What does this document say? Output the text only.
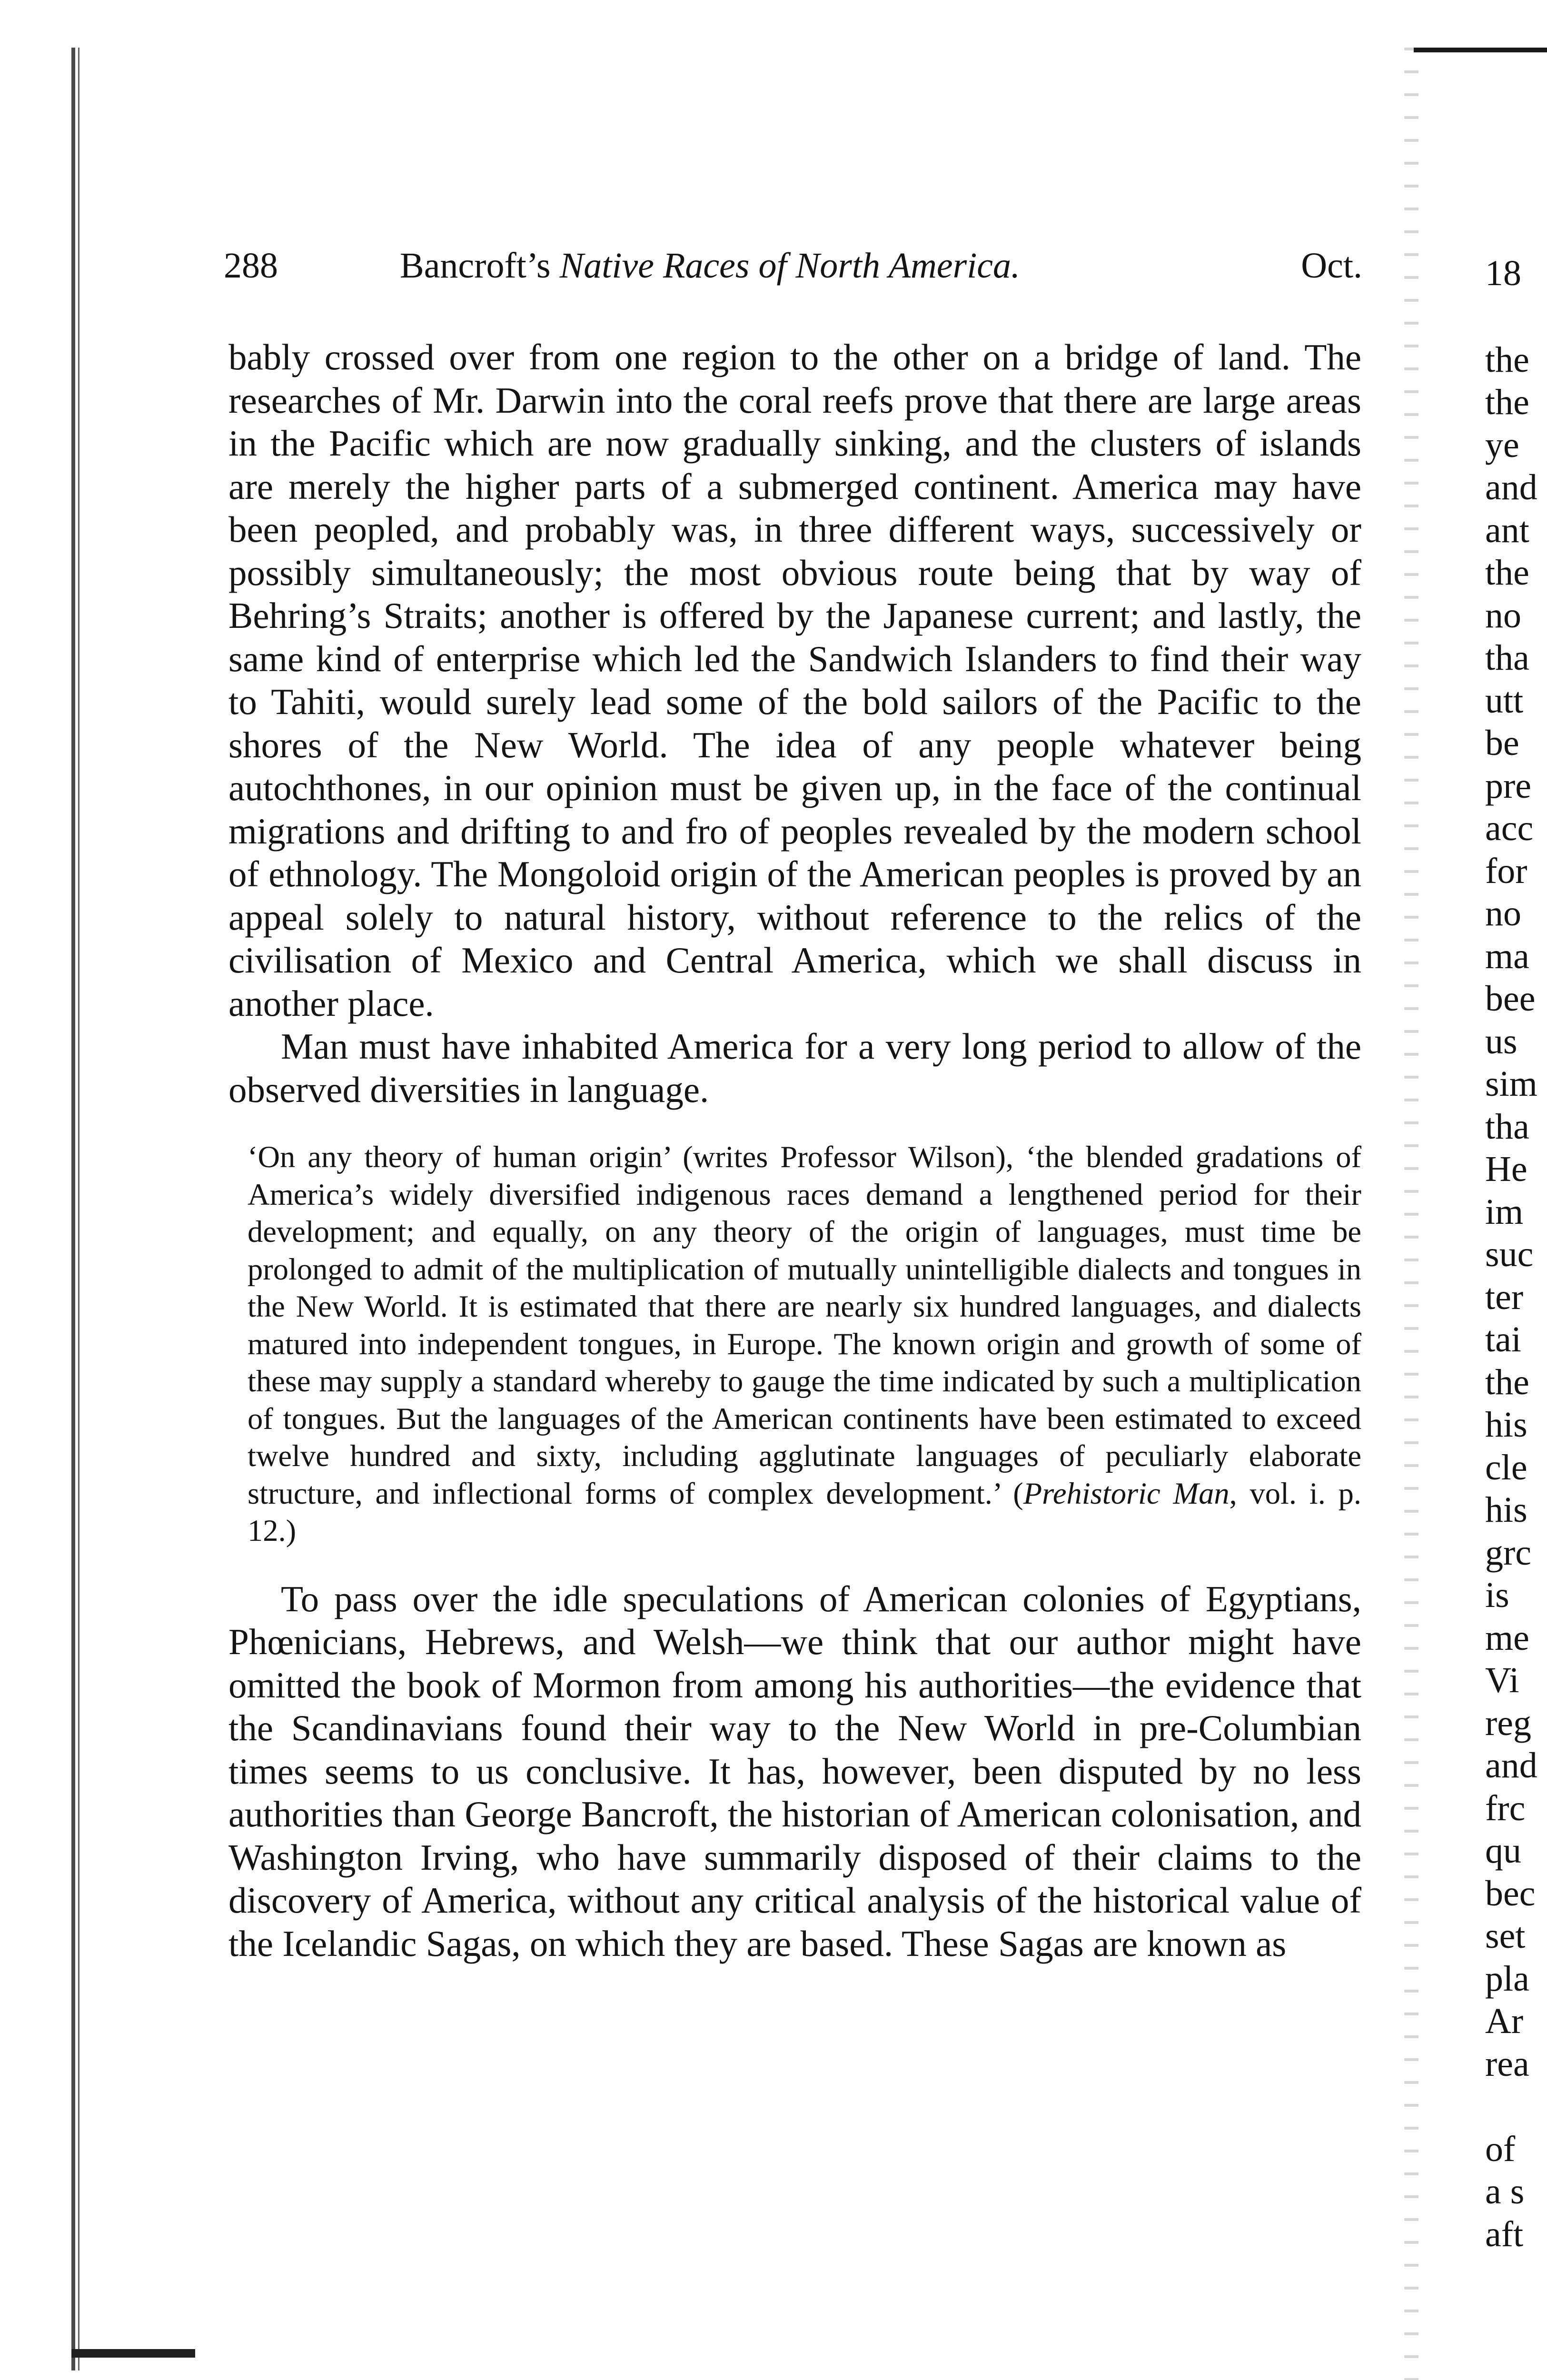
288	Bancroft’s Native Races of North America.	Oct.

bably crossed over from one region to the other on a bridge of land. The researches of Mr. Darwin into the coral reefs prove that there are large areas in the Pacific which are now gradually sinking, and the clusters of islands are merely the higher parts of a submerged continent. America may have been peopled, and probably was, in three different ways, successively or possibly simultaneously; the most obvious route being that by way of Behring’s Straits; another is offered by the Japanese current; and lastly, the same kind of enterprise which led the Sandwich Islanders to find their way to Tahiti, would surely lead some of the bold sailors of the Pacific to the shores of the New World. The idea of any people whatever being autochthones, in our opinion must be given up, in the face of the continual migrations and drifting to and fro of peoples revealed by the modern school of ethnology. The Mongoloid origin of the American peoples is proved by an appeal solely to natural history, without reference to the relics of the civilisation of Mexico and Central America, which we shall discuss in another place.

Man must have inhabited America for a very long period to allow of the observed diversities in language.

‘On any theory of human origin’ (writes Professor Wilson), ‘the blended gradations of America’s widely diversified indigenous races demand a lengthened period for their development; and equally, on any theory of the origin of languages, must time be prolonged to admit of the multiplication of mutually unintelligible dialects and tongues in the New World. It is estimated that there are nearly six hundred languages, and dialects matured into independent tongues, in Europe. The known origin and growth of some of these may supply a standard whereby to gauge the time indicated by such a multiplication of tongues. But the languages of the American continents have been estimated to exceed twelve hundred and sixty, including agglutinate languages of peculiarly elaborate structure, and inflectional forms of complex development.’ (Prehistoric Man, vol. i. p. 12.)

To pass over the idle speculations of American colonies of Egyptians, Phœnicians, Hebrews, and Welsh—we think that our author might have omitted the book of Mormon from among his authorities—the evidence that the Scandinavians found their way to the New World in pre-Columbian times seems to us conclusive. It has, however, been disputed by no less authorities than George Bancroft, the historian of American colonisation, and Washington Irving, who have summarily disposed of their claims to the discovery of America, without any critical analysis of the historical value of the Icelandic Sagas, on which they are based. These Sagas are known as

18
the
the
ye
and
ant
the
no
tha
utt
be
pre
acc
for
no
ma
bee
us
sim
tha
He
im
suc
ter
tai
the
his
cle
his
grc
is
me
Vi
reg
and
frc
qu
bec
set
pla
Ar
rea
of
a s
aft
